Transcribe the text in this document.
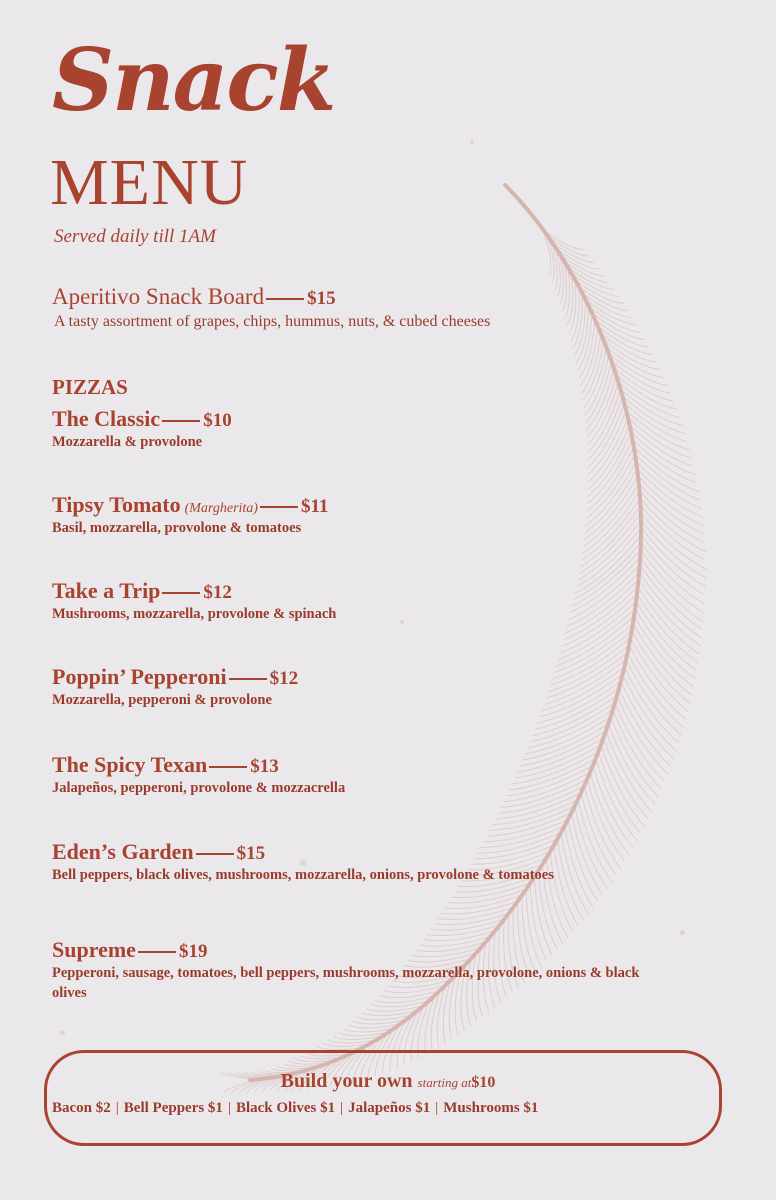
Snack
MENU
Served daily till 1AM
Aperitivo Snack Board $15
A tasty assortment of grapes, chips, hummus, nuts, & cubed cheeses
PIZZAS
The Classic $10
Mozzarella & provolone
Tipsy Tomato (Margherita) $11
Basil, mozzarella, provolone & tomatoes
Take a Trip $12
Mushrooms, mozzarella, provolone & spinach
Poppin’ Pepperoni $12
Mozzarella, pepperoni & provolone
The Spicy Texan $13
Jalapeños, pepperoni, provolone & mozzacrella
Eden’s Garden $15
Bell peppers, black olives, mushrooms, mozzarella, onions, provolone & tomatoes
Supreme $19
Pepperoni, sausage, tomatoes, bell peppers, mushrooms, mozzarella, provolone, onions & black olives
Build your own starting at$10
Bacon $2 | Bell Peppers $1 | Black Olives $1 | Jalapeños $1 | Mushrooms $1
